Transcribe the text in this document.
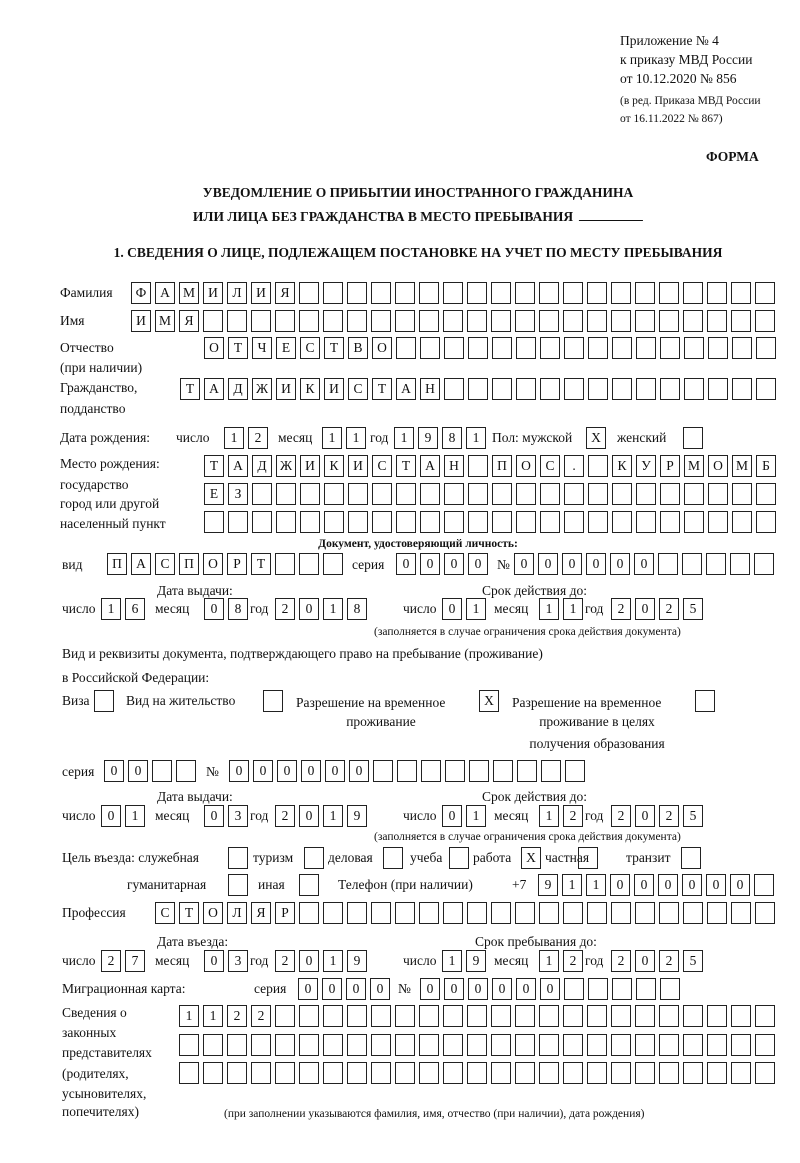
Приложение № 4
к приказу МВД России
от 10.12.2020 № 856
(в ред. Приказа МВД России
от 16.11.2022 № 867)
ФОРМА
УВЕДОМЛЕНИЕ О ПРИБЫТИИ ИНОСТРАННОГО ГРАЖДАНИНА
ИЛИ ЛИЦА БЕЗ ГРАЖДАНСТВА В МЕСТО ПРЕБЫВАНИЯ
1. СВЕДЕНИЯ О ЛИЦЕ, ПОДЛЕЖАЩЕМ ПОСТАНОВКЕ НА УЧЕТ ПО МЕСТУ ПРЕБЫВАНИЯ
Фамилия	Ф	А М И	Л	И	Я
Имя	И М Я
Отчество
(при наличии)
О	Т	Ч	Е	С	Т	В	О
Гражданство,
подданство
Т	А	Д Ж И	К	И	С	Т	А	Н
Дата рождения: число	1	2	месяц	1	1 год 1	9	8	1 Пол: мужской	X	женский
Место рождения:
государство
город или другой
населенный пункт
Т	А	Д Ж И	К	И	С	Т	А	Н	П	О	С	.	К	У	Р	М О М	Б
Е	З
Документ, удостоверяющий личность:
вид	П	А	С	П	О	Р	Т	серия	0	0	0	0	№ 0	0	0	0	0	0
Дата выдачи:	Срок действия до:
число 1	6	месяц	0	8 год 2	0	1	8	число 0	1	месяц	1	1 год	2	0	2	5
(заполняется в случае ограничения срока действия документа)
Вид и реквизиты документа, подтверждающего право на пребывание (проживание)
в Российской Федерации:
Виза	Вид на жительство	Разрешение на временное
проживание
X	Разрешение на временное
проживание в целях
получения образования
серия	0	0	№	0	0	0	0	0	0
Дата выдачи:	Срок действия до:
число 0	1	месяц	0	3 год 2	0	1	9	число 0	1	месяц	1	2 год	2	0	2	5
(заполняется в случае ограничения срока действия документа)
Цель въезда: служебная	туризм	деловая	учеба работа	X частная	транзит
гуманитарная	иная	Телефон (при наличии)	+7	9	1	1	0	0	0	0	0	0
Профессия	С	Т	О	Л	Я	Р
Дата въезда:	Срок пребывания до:
число 2	7	месяц	0	3 год 2	0	1	9	число 1	9	месяц	1	2 год	2	0	2	5
Миграционная карта:	серия	0	0	0	0	№	0	0	0	0	0	0
Сведения о
законных
представителях
(родителях,
усыновителях,
попечителях)
1	1	2	2
(при заполнении указываются фамилия, имя, отчество (при наличии), дата рождения)
